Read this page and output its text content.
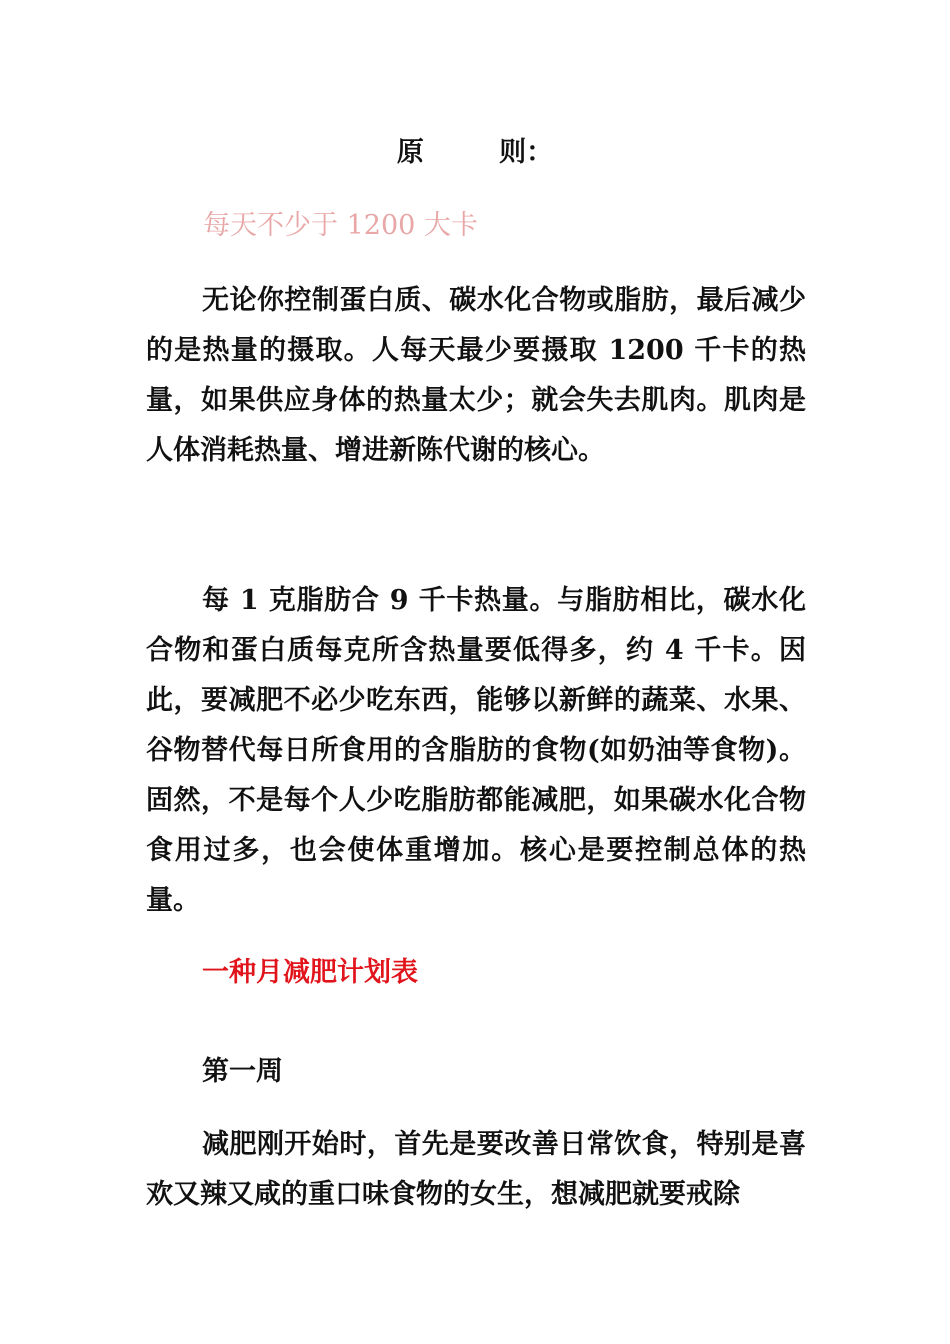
原        则：
每天不少于 1200 大卡

无论你控制蛋白质、碳水化合物或脂肪，最后减少的是热量的摄取。人每天最少要摄取 1200 千卡的热量，如果供应身体的热量太少；就会失去肌肉。肌肉是人体消耗热量、增进新陈代谢的核心。

每 1 克脂肪合 9 千卡热量。与脂肪相比，碳水化合物和蛋白质每克所含热量要低得多，约 4 千卡。因此，要减肥不必少吃东西，能够以新鲜的蔬菜、水果、谷物替代每日所食用的含脂肪的食物(如奶油等食物)。固然，不是每个人少吃脂肪都能减肥，如果碳水化合物食用过多，也会使体重增加。核心是要控制总体的热量。

一种月减肥计划表
第一周

减肥刚开始时，首先是要改善日常饮食，特别是喜欢又辣又咸的重口味食物的女生，想减肥就要戒除
